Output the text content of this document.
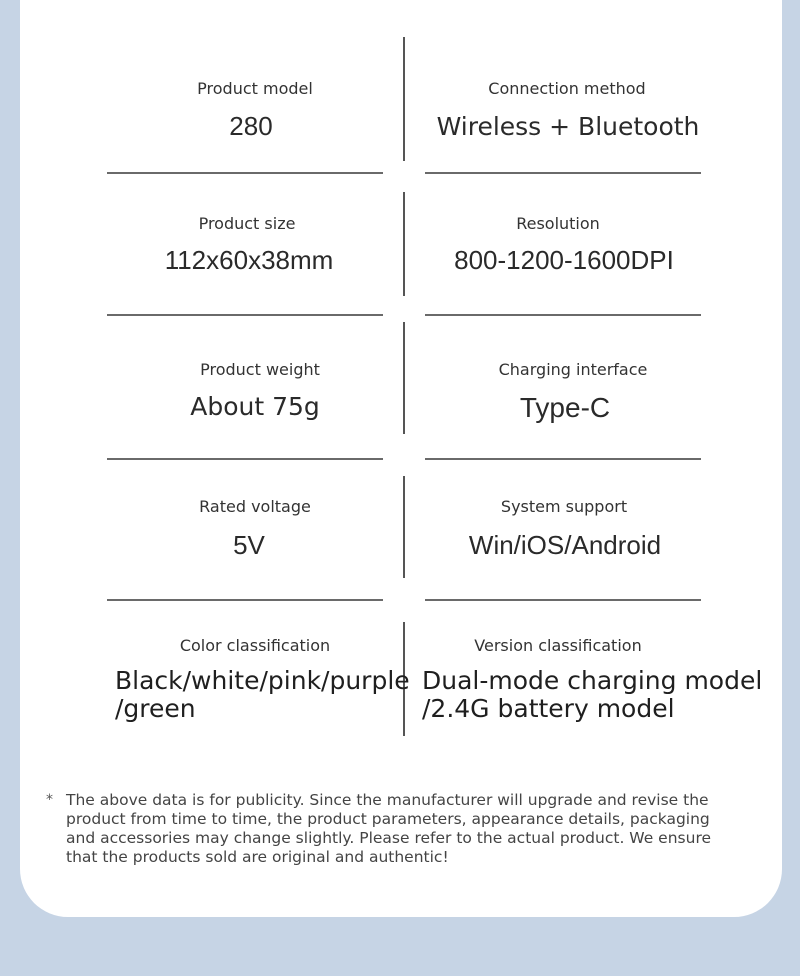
Product model
280
Connection method
Wireless + Bluetooth
Product size
112x60x38mm
Resolution
800-1200-1600DPI
Product weight
About 75g
Charging interface
Type-C
Rated voltage
5V
System support
Win/iOS/Android
Color classification
Black/white/pink/purple
/green
Version classification
Dual-mode charging model
/2.4G battery model
* The above data is for publicity. Since the manufacturer will upgrade and revise the product from time to time, the product parameters, appearance details, packaging and accessories may change slightly. Please refer to the actual product. We ensure that the products sold are original and authentic!
